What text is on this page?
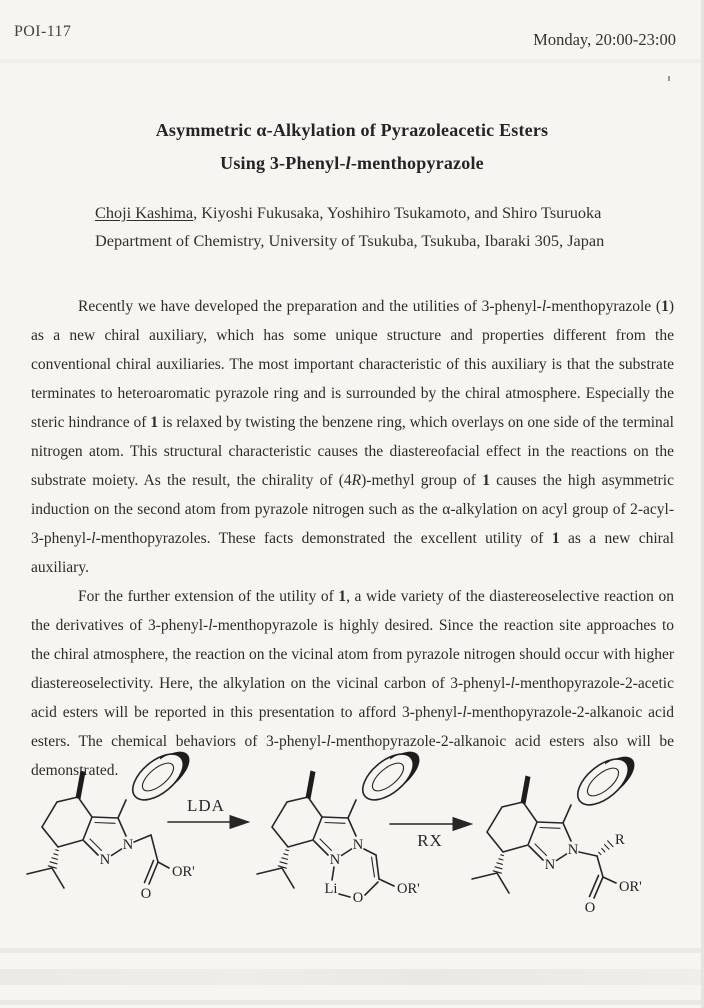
POI-117	Monday, 20:00-23:00
Asymmetric α-Alkylation of Pyrazoleacetic Esters
Using 3-Phenyl-l-menthopyrazole
Choji Kashima, Kiyoshi Fukusaka, Yoshihiro Tsukamoto, and Shiro Tsuruoka
Department of Chemistry, University of Tsukuba, Tsukuba, Ibaraki 305, Japan

Recently we have developed the preparation and the utilities of 3-phenyl-l-menthopyrazole (1) as a new chiral auxiliary, which has some unique structure and properties different from the conventional chiral auxiliaries. The most important characteristic of this auxiliary is that the substrate terminates to heteroaromatic pyrazole ring and is surrounded by the chiral atmosphere. Especially the steric hindrance of 1 is relaxed by twisting the benzene ring, which overlays on one side of the terminal nitrogen atom. This structural characteristic causes the diastereofacial effect in the reactions on the substrate moiety. As the result, the chirality of (4R)-methyl group of 1 causes the high asymmetric induction on the second atom from pyrazole nitrogen such as the α-alkylation on acyl group of 2-acyl-3-phenyl-l-menthopyrazoles. These facts demonstrated the excellent utility of 1 as a new chiral auxiliary.

For the further extension of the utility of 1, a wide variety of the diastereoselective reaction on the derivatives of 3-phenyl-l-menthopyrazole is highly desired. Since the reaction site approaches to the chiral atmosphere, the reaction on the vicinal atom from pyrazole nitrogen should occur with higher diastereoselectivity. Here, the alkylation on the vicinal carbon of 3-phenyl-l-menthopyrazole-2-acetic acid esters will be reported in this presentation to afford 3-phenyl-l-menthopyrazole-2-alkanoic acid esters. The chemical behaviors of 3-phenyl-l-menthopyrazole-2-alkanoic acid esters also will be demonstrated.

N
N
O
OR'
LDA
N
N
Li
O
OR'
RX	N
N
R
O
OR'
